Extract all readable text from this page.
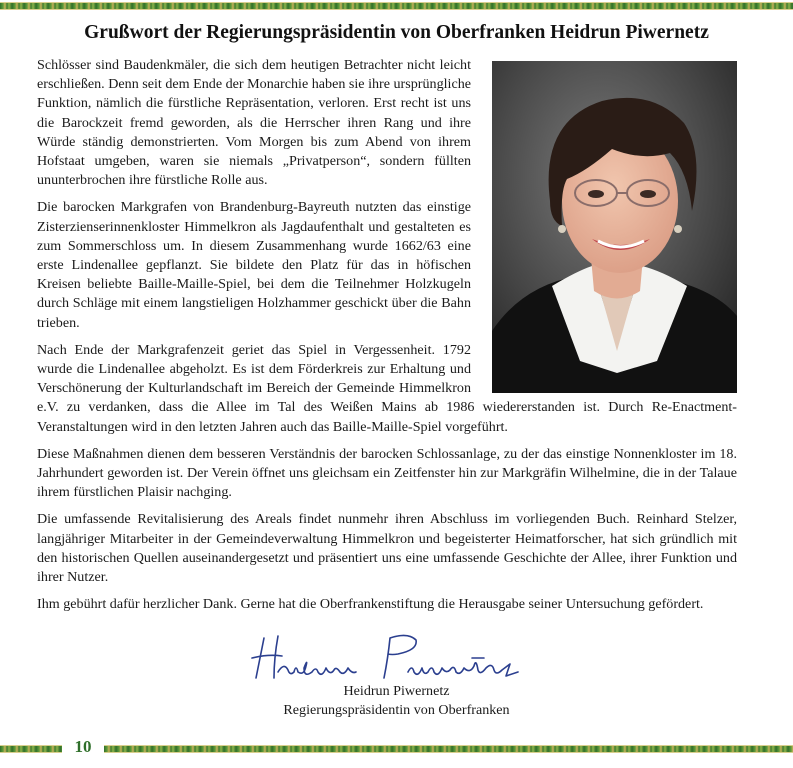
Grußwort der Regierungspräsidentin von Oberfranken Heidrun Piwernetz

Schlösser sind Baudenkmäler, die sich dem heutigen Betrachter nicht leicht erschließen. Denn seit dem Ende der Monarchie haben sie ihre ursprüngliche Funktion, nämlich die fürstliche Repräsentation, verloren. Erst recht ist uns die Barockzeit fremd geworden, als die Herrscher ihren Rang und ihre Würde ständig demonstrierten. Vom Morgen bis zum Abend von ihrem Hofstaat umgeben, waren sie niemals „Privatperson“, sondern füllten ununterbrochen ihre fürstliche Rolle aus.

Die barocken Markgrafen von Brandenburg-Bayreuth nutzten das einstige Zisterzienserinnenkloster Himmelkron als Jagdaufenthalt und gestalteten es zum Sommerschloss um. In diesem Zusammenhang wurde 1662/63 eine erste Lindenallee gepflanzt. Sie bildete den Platz für das in höfischen Kreisen beliebte Baille-Maille-Spiel, bei dem die Teilnehmer Holzkugeln durch Schläge mit einem langstieligen Holzhammer geschickt über die Bahn trieben.

Nach Ende der Markgrafenzeit geriet das Spiel in Vergessenheit. 1792 wurde die Lindenallee abgeholzt. Es ist dem Förderkreis zur Erhaltung und Verschönerung der Kulturlandschaft im Bereich der Gemeinde Himmelkron e.V. zu verdanken, dass die Allee im Tal des Weißen Mains ab 1986 wiedererstanden ist. Durch Re-Enactment-Veranstaltungen wird in den letzten Jahren auch das Baille-Maille-Spiel vorgeführt.

Diese Maßnahmen dienen dem besseren Verständnis der barocken Schlossanlage, zu der das einstige Nonnenkloster im 18. Jahrhundert geworden ist. Der Verein öffnet uns gleichsam ein Zeitfenster hin zur Markgräfin Wilhelmine, die in der Talaue ihrem fürstlichen Plaisir nachging.

Die umfassende Revitalisierung des Areals findet nunmehr ihren Abschluss im vorliegenden Buch. Reinhard Stelzer, langjähriger Mitarbeiter in der Gemeindeverwaltung Himmelkron und begeisterter Heimatforscher, hat sich gründlich mit den historischen Quellen auseinandergesetzt und präsentiert uns eine umfassende Geschichte der Allee, ihrer Funktion und ihrer Nutzer.

Ihm gebührt dafür herzlicher Dank. Gerne hat die Oberfrankenstiftung die Herausgabe seiner Untersuchung gefördert.

Heidrun Piwernetz
Regierungspräsidentin von Oberfranken
10
